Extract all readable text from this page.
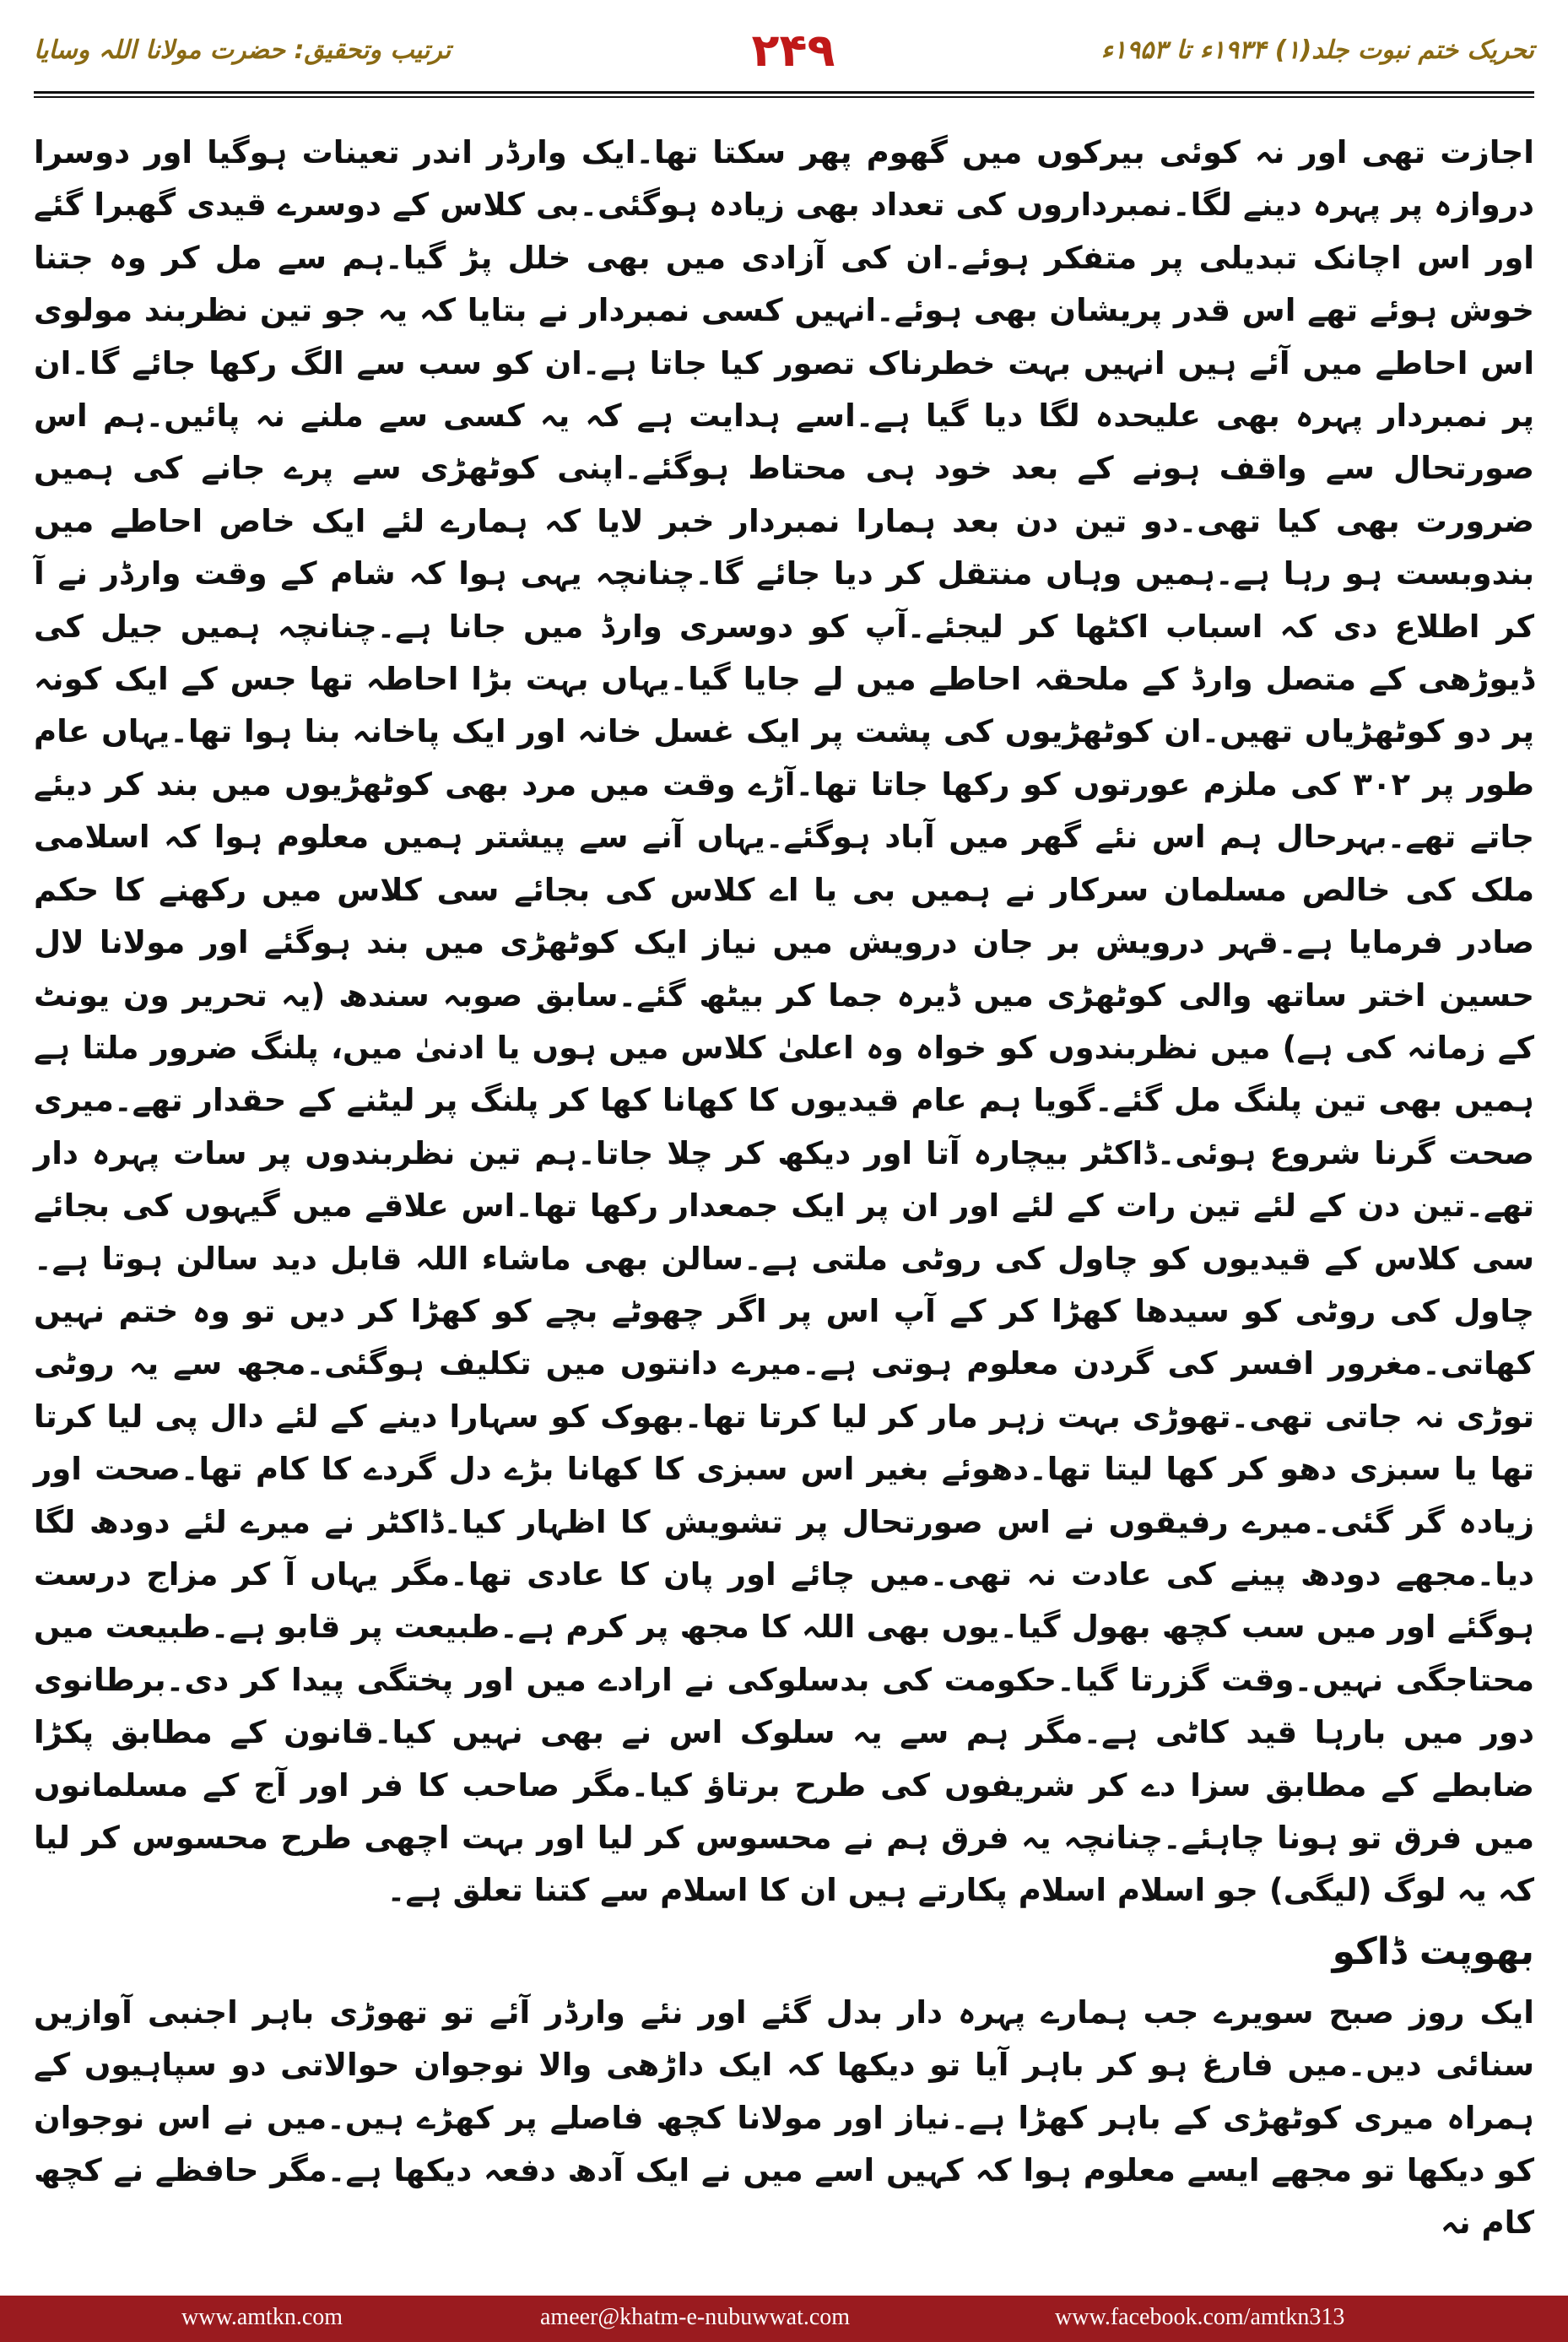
تحریک ختم نبوت جلد(۱) ۱۹۳۴ء تا ۱۹۵۳ء
۲۴۹
ترتیب وتحقیق: حضرت مولانا اللہ وسایا

اجازت تھی اور نہ کوئی بیرکوں میں گھوم پھر سکتا تھا۔ایک وارڈر اندر تعینات ہوگیا اور دوسرا دروازہ پر پہرہ دینے لگا۔نمبرداروں کی تعداد بھی زیادہ ہوگئی۔بی کلاس کے دوسرے قیدی گھبرا گئے اور اس اچانک تبدیلی پر متفکر ہوئے۔ان کی آزادی میں بھی خلل پڑ گیا۔ہم سے مل کر وہ جتنا خوش ہوئے تھے اس قدر پریشان بھی ہوئے۔انہیں کسی نمبردار نے بتایا کہ یہ جو تین نظربند مولوی اس احاطے میں آئے ہیں انہیں بہت خطرناک تصور کیا جاتا ہے۔ان کو سب سے الگ رکھا جائے گا۔ان پر نمبردار پہرہ بھی علیحدہ لگا دیا گیا ہے۔اسے ہدایت ہے کہ یہ کسی سے ملنے نہ پائیں۔ہم اس صورتحال سے واقف ہونے کے بعد خود ہی محتاط ہوگئے۔اپنی کوٹھڑی سے پرے جانے کی ہمیں ضرورت بھی کیا تھی۔دو تین دن بعد ہمارا نمبردار خبر لایا کہ ہمارے لئے ایک خاص احاطے میں بندوبست ہو رہا ہے۔ہمیں وہاں منتقل کر دیا جائے گا۔چنانچہ یہی ہوا کہ شام کے وقت وارڈر نے آ کر اطلاع دی کہ اسباب اکٹھا کر لیجئے۔آپ کو دوسری وارڈ میں جانا ہے۔چنانچہ ہمیں جیل کی ڈیوڑھی کے متصل وارڈ کے ملحقہ احاطے میں لے جایا گیا۔یہاں بہت بڑا احاطہ تھا جس کے ایک کونہ پر دو کوٹھڑیاں تھیں۔ان کوٹھڑیوں کی پشت پر ایک غسل خانہ اور ایک پاخانہ بنا ہوا تھا۔یہاں عام طور پر ۳۰۲ کی ملزم عورتوں کو رکھا جاتا تھا۔آڑے وقت میں مرد بھی کوٹھڑیوں میں بند کر دیئے جاتے تھے۔بہرحال ہم اس نئے گھر میں آباد ہوگئے۔یہاں آنے سے پیشتر ہمیں معلوم ہوا کہ اسلامی ملک کی خالص مسلمان سرکار نے ہمیں بی یا اے کلاس کی بجائے سی کلاس میں رکھنے کا حکم صادر فرمایا ہے۔قہر درویش بر جان درویش میں نیاز ایک کوٹھڑی میں بند ہوگئے اور مولانا لال حسین اختر ساتھ والی کوٹھڑی میں ڈیرہ جما کر بیٹھ گئے۔سابق صوبہ سندھ (یہ تحریر ون یونٹ کے زمانہ کی ہے) میں نظربندوں کو خواہ وہ اعلیٰ کلاس میں ہوں یا ادنیٰ میں، پلنگ ضرور ملتا ہے ہمیں بھی تین پلنگ مل گئے۔گویا ہم عام قیدیوں کا کھانا کھا کر پلنگ پر لیٹنے کے حقدار تھے۔میری صحت گرنا شروع ہوئی۔ڈاکٹر بیچارہ آتا اور دیکھ کر چلا جاتا۔ہم تین نظربندوں پر سات پہرہ دار تھے۔تین دن کے لئے تین رات کے لئے اور ان پر ایک جمعدار رکھا تھا۔اس علاقے میں گیہوں کی بجائے سی کلاس کے قیدیوں کو چاول کی روٹی ملتی ہے۔سالن بھی ماشاء اللہ قابل دید سالن ہوتا ہے۔چاول کی روٹی کو سیدھا کھڑا کر کے آپ اس پر اگر چھوٹے بچے کو کھڑا کر دیں تو وہ ختم نہیں کھاتی۔مغرور افسر کی گردن معلوم ہوتی ہے۔میرے دانتوں میں تکلیف ہوگئی۔مجھ سے یہ روٹی توڑی نہ جاتی تھی۔تھوڑی بہت زہر مار کر لیا کرتا تھا۔بھوک کو سہارا دینے کے لئے دال پی لیا کرتا تھا یا سبزی دھو کر کھا لیتا تھا۔دھوئے بغیر اس سبزی کا کھانا بڑے دل گردے کا کام تھا۔صحت اور زیادہ گر گئی۔میرے رفیقوں نے اس صورتحال پر تشویش کا اظہار کیا۔ڈاکٹر نے میرے لئے دودھ لگا دیا۔مجھے دودھ پینے کی عادت نہ تھی۔میں چائے اور پان کا عادی تھا۔مگر یہاں آ کر مزاج درست ہوگئے اور میں سب کچھ بھول گیا۔یوں بھی اللہ کا مجھ پر کرم ہے۔طبیعت پر قابو ہے۔طبیعت میں محتاجگی نہیں۔وقت گزرتا گیا۔حکومت کی بدسلوکی نے ارادے میں اور پختگی پیدا کر دی۔برطانوی دور میں بارہا قید کاٹی ہے۔مگر ہم سے یہ سلوک اس نے بھی نہیں کیا۔قانون کے مطابق پکڑا ضابطے کے مطابق سزا دے کر شریفوں کی طرح برتاؤ کیا۔مگر صاحب کا فر اور آج کے مسلمانوں میں فرق تو ہونا چاہئے۔چنانچہ یہ فرق ہم نے محسوس کر لیا اور بہت اچھی طرح محسوس کر لیا کہ یہ لوگ (لیگی) جو اسلام اسلام پکارتے ہیں ان کا اسلام سے کتنا تعلق ہے۔

بھوپت ڈاکو

ایک روز صبح سویرے جب ہمارے پہرہ دار بدل گئے اور نئے وارڈر آئے تو تھوڑی باہر اجنبی آوازیں سنائی دیں۔میں فارغ ہو کر باہر آیا تو دیکھا کہ ایک داڑھی والا نوجوان حوالاتی دو سپاہیوں کے ہمراہ میری کوٹھڑی کے باہر کھڑا ہے۔نیاز اور مولانا کچھ فاصلے پر کھڑے ہیں۔میں نے اس نوجوان کو دیکھا تو مجھے ایسے معلوم ہوا کہ کہیں اسے میں نے ایک آدھ دفعہ دیکھا ہے۔مگر حافظے نے کچھ کام نہ

www.amtkn.com	ameer@khatm-e-nubuwwat.com	www.facebook.com/amtkn313
